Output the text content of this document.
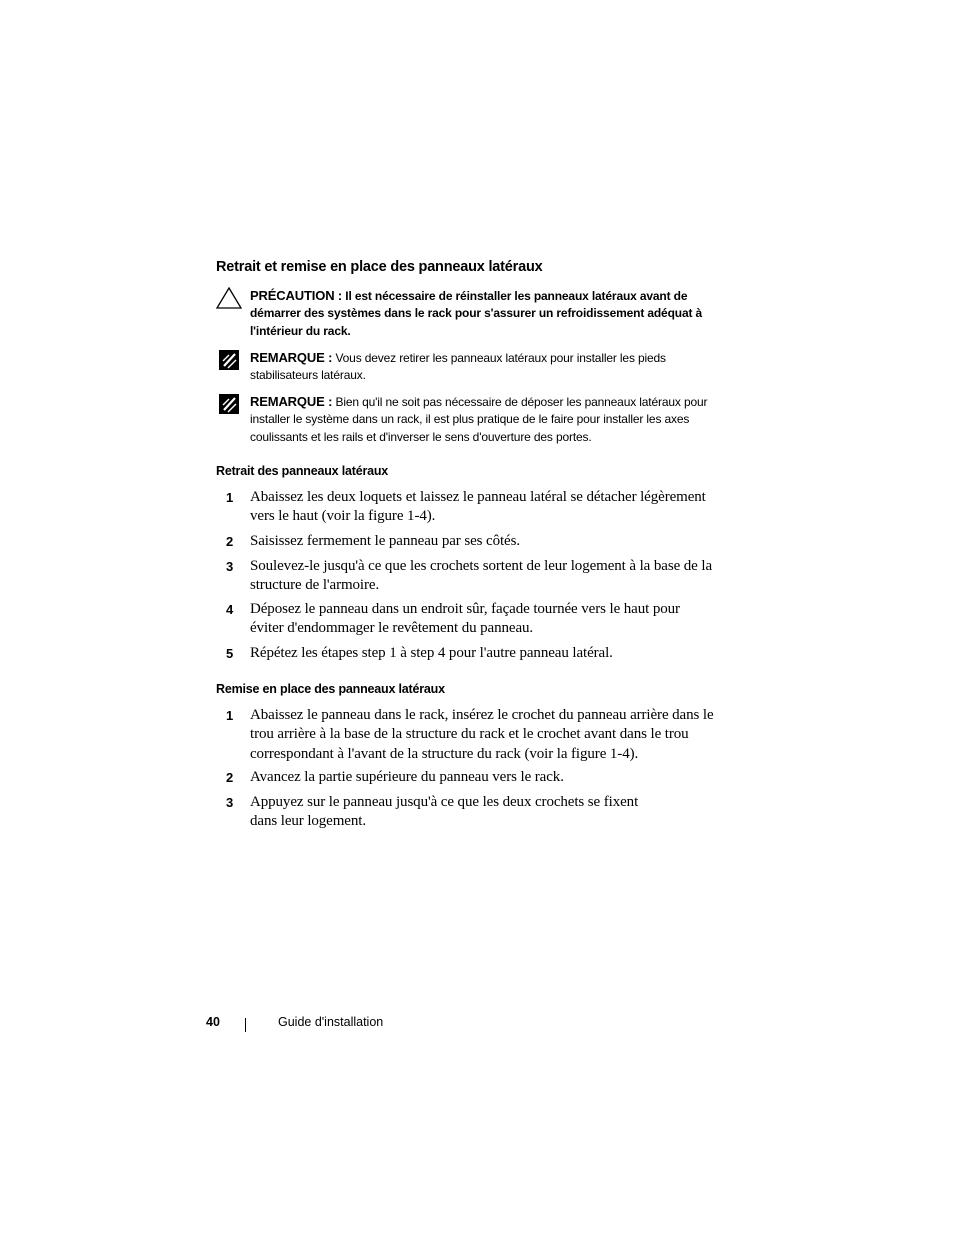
Retrait et remise en place des panneaux latéraux
PRÉCAUTION : Il est nécessaire de réinstaller les panneaux latéraux avant de démarrer des systèmes dans le rack pour s'assurer un refroidissement adéquat à l'intérieur du rack.
REMARQUE : Vous devez retirer les panneaux latéraux pour installer les pieds stabilisateurs latéraux.
REMARQUE : Bien qu'il ne soit pas nécessaire de déposer les panneaux latéraux pour installer le système dans un rack, il est plus pratique de le faire pour installer les axes coulissants et les rails et d'inverser le sens d'ouverture des portes.
Retrait des panneaux latéraux
1 Abaissez les deux loquets et laissez le panneau latéral se détacher légèrement vers le haut (voir la figure 1-4).
2 Saisissez fermement le panneau par ses côtés.
3 Soulevez-le jusqu'à ce que les crochets sortent de leur logement à la base de la structure de l'armoire.
4 Déposez le panneau dans un endroit sûr, façade tournée vers le haut pour éviter d'endommager le revêtement du panneau.
5 Répétez les étapes step 1 à step 4 pour l'autre panneau latéral.
Remise en place des panneaux latéraux
1 Abaissez le panneau dans le rack, insérez le crochet du panneau arrière dans le trou arrière à la base de la structure du rack et le crochet avant dans le trou correspondant à l'avant de la structure du rack (voir la figure 1-4).
2 Avancez la partie supérieure du panneau vers le rack.
3 Appuyez sur le panneau jusqu'à ce que les deux crochets se fixent dans leur logement.
40	Guide d'installation
